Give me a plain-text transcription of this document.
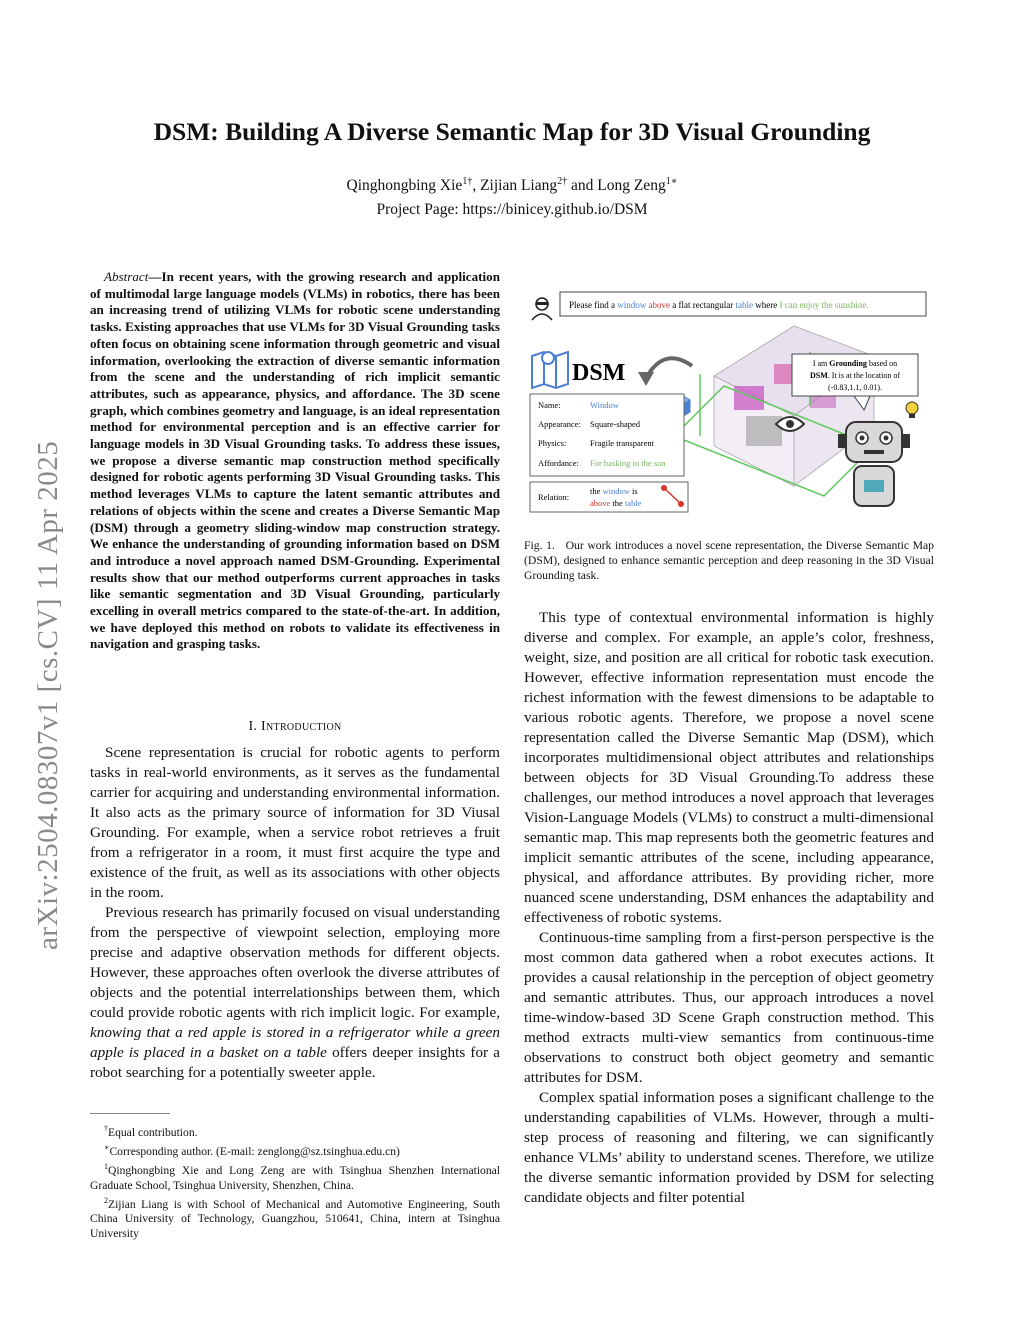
arXiv:2504.08307v1 [cs.CV] 11 Apr 2025
DSM: Building A Diverse Semantic Map for 3D Visual Grounding
Qinghongbing Xie$^{1\dagger}$, Zijian Liang$^{2\dagger}$ and Long Zeng$^{1∗}$
Project Page: https://binicey.github.io/DSM
Abstract—In recent years, with the growing research and application of multimodal large language models (VLMs) in robotics, there has been an increasing trend of utilizing VLMs for robotic scene understanding tasks. Existing approaches that use VLMs for 3D Visual Grounding tasks often focus on obtaining scene information through geometric and visual information, overlooking the extraction of diverse semantic information from the scene and the understanding of rich implicit semantic attributes, such as appearance, physics, and affordance. The 3D scene graph, which combines geometry and language, is an ideal representation method for environmental perception and is an effective carrier for language models in 3D Visual Grounding tasks. To address these issues, we propose a diverse semantic map construction method specifically designed for robotic agents performing 3D Visual Grounding tasks. This method leverages VLMs to capture the latent semantic attributes and relations of objects within the scene and creates a Diverse Semantic Map (DSM) through a geometry sliding-window map construction strategy. We enhance the understanding of grounding information based on DSM and introduce a novel approach named DSM-Grounding. Experimental results show that our method outperforms current approaches in tasks like semantic segmentation and 3D Visual Grounding, particularly excelling in overall metrics compared to the state-of-the-art. In addition, we have deployed this method on robots to validate its effectiveness in navigation and grasping tasks.
I. Introduction

Scene representation is crucial for robotic agents to perform tasks in real-world environments, as it serves as the fundamental carrier for acquiring and understanding environmental information. It also acts as the primary source of information for 3D Viusal Grounding. For example, when a service robot retrieves a fruit from a refrigerator in a room, it must first acquire the type and existence of the fruit, as well as its associations with other objects in the room.

Previous research has primarily focused on visual understanding from the perspective of viewpoint selection, employing more precise and adaptive observation methods for different objects. However, these approaches often overlook the diverse attributes of objects and the potential interrelationships between them, which could provide robotic agents with rich implicit logic. For example, knowing that a red apple is stored in a refrigerator while a green apple is placed in a basket on a table offers deeper insights for a robot searching for a potentially sweeter apple.

†Equal contribution.

∗Corresponding author. (E-mail: zenglong@sz.tsinghua.edu.cn)

$^1$Qinghongbing Xie and Long Zeng are with Tsinghua Shenzhen International Graduate School, Tsinghua University, Shenzhen, China.

$^2$Zijian Liang is with School of Mechanical and Automotive Engineering, South China University of Technology, Guangzhou, 510641, China, intern at Tsinghua University

Please find a window above a flat rectangular table where I can enjoy the sunshine.
DSM
Name:	Window
Appearance: Square-shaped
Physics:	Fragile transparent
Affordance: For basking in the sun
Relation:
the window is
above the table
I am Grounding based on
DSM. It is at the location of
(-0.83,1.1, 0.01).
Fig. 1. Our work introduces a novel scene representation, the Diverse Semantic Map (DSM), designed to enhance semantic perception and deep reasoning in the 3D Visual Grounding task.

This type of contextual environmental information is highly diverse and complex. For example, an apple’s color, freshness, weight, size, and position are all critical for robotic task execution. However, effective information representation must encode the richest information with the fewest dimensions to be adaptable to various robotic agents. Therefore, we propose a novel scene representation called the Diverse Semantic Map (DSM), which incorporates multidimensional object attributes and relationships between objects for 3D Visual Grounding.To address these challenges, our method introduces a novel approach that leverages Vision-Language Models (VLMs) to construct a multi-dimensional semantic map. This map represents both the geometric features and implicit semantic attributes of the scene, including appearance, physical, and affordance attributes. By providing richer, more nuanced scene understanding, DSM enhances the adaptability and effectiveness of robotic systems.

Continuous-time sampling from a first-person perspective is the most common data gathered when a robot executes actions. It provides a causal relationship in the perception of object geometry and semantic attributes. Thus, our approach introduces a novel time-window-based 3D Scene Graph construction method. This method extracts multi-view semantics from continuous-time observations to construct both object geometry and semantic attributes for DSM.

Complex spatial information poses a significant challenge to the understanding capabilities of VLMs. However, through a multi-step process of reasoning and filtering, we can significantly enhance VLMs’ ability to understand scenes. Therefore, we utilize the diverse semantic information provided by DSM for selecting candidate objects and filter potential
